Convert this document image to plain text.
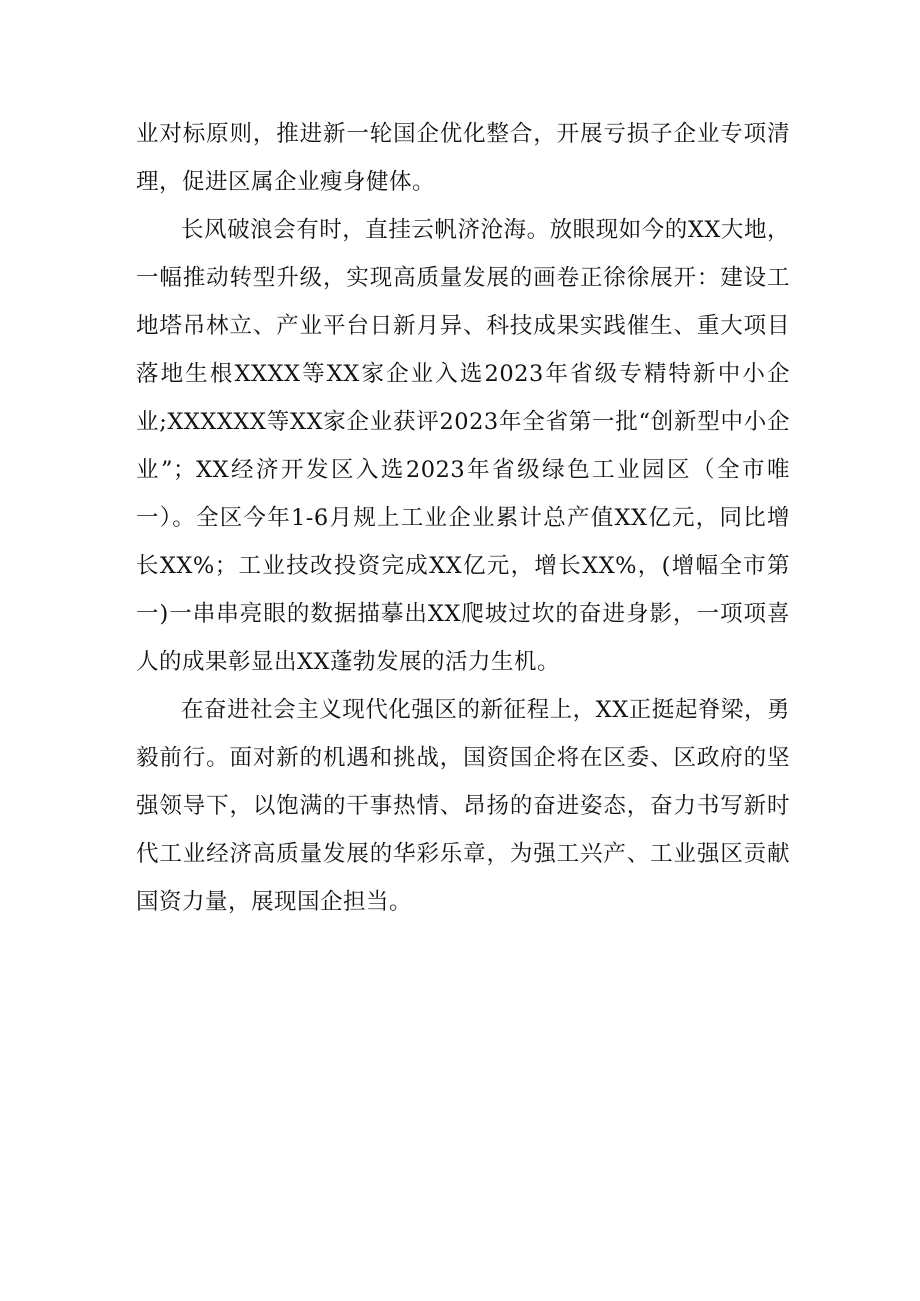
业对标原则，推进新一轮国企优化整合，开展亏损子企业专项清理，促进区属企业瘦身健体。

长风破浪会有时，直挂云帆济沧海。放眼现如今的XX大地，一幅推动转型升级，实现高质量发展的画卷正徐徐展开：建设工地塔吊林立、产业平台日新月异、科技成果实践催生、重大项目落地生根XXXX等XX家企业入选2023年省级专精特新中小企业;XXXXXX等XX家企业获评2023年全省第一批“创新型中小企业”；XX经济开发区入选2023年省级绿色工业园区（全市唯一）。全区今年1-6月规上工业企业累计总产值XX亿元，同比增长XX%；工业技改投资完成XX亿元，增长XX%，(增幅全市第一)一串串亮眼的数据描摹出XX爬坡过坎的奋进身影，一项项喜人的成果彰显出XX蓬勃发展的活力生机。

在奋进社会主义现代化强区的新征程上，XX正挺起脊梁，勇毅前行。面对新的机遇和挑战，国资国企将在区委、区政府的坚强领导下，以饱满的干事热情、昂扬的奋进姿态，奋力书写新时代工业经济高质量发展的华彩乐章，为强工兴产、工业强区贡献国资力量，展现国企担当。
